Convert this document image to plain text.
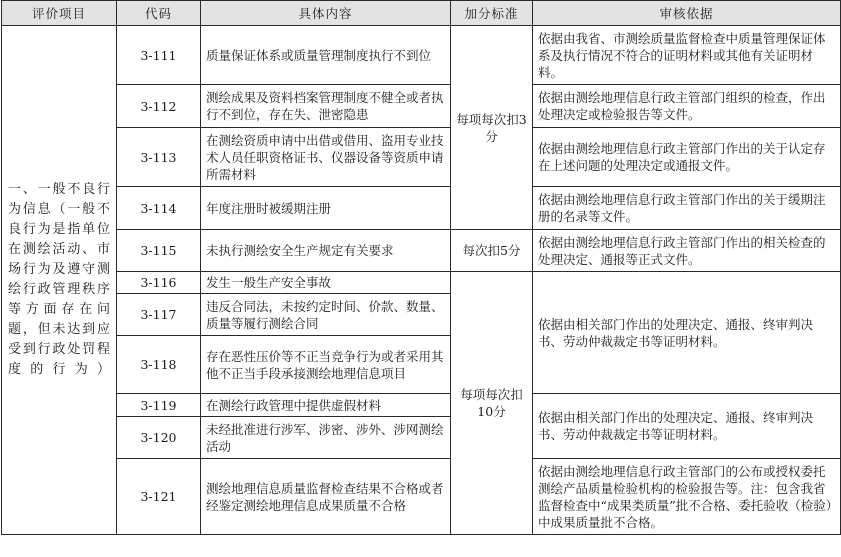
评价项目	代码	具体内容	加分标准	审核依据
一、一般不良行为信息（一般不良行为是指单位在测绘活动、市场行为及遵守测绘行政管理秩序等方面存在问题，但未达到应受到行政处罚程度的行为）	3-111	质量保证体系或质量管理制度执行不到位	每项每次扣3分	依据由我省、市测绘质量监督检查中质量管理保证体系及执行情况不符合的证明材料或其他有关证明材料。
	3-112	测绘成果及资料档案管理制度不健全或者执行不到位，存在失、泄密隐患		依据由测绘地理信息行政主管部门组织的检查，作出处理决定或检验报告等文件。
	3-113	在测绘资质申请中出借或借用、盗用专业技术人员任职资格证书、仪器设备等资质申请所需材料		依据由测绘地理信息行政主管部门作出的关于认定存在上述问题的处理决定或通报文件。
	3-114	年度注册时被缓期注册		依据由测绘地理信息行政主管部门作出的关于缓期注册的名录等文件。
	3-115	未执行测绘安全生产规定有关要求	每次扣5分	依据由测绘地理信息行政主管部门作出的相关检查的处理决定、通报等正式文件。
	3-116	发生一般生产安全事故	每项每次扣10分	依据由相关部门作出的处理决定、通报、终审判决书、劳动仲裁裁定书等证明材料。
	3-117	违反合同法，未按约定时间、价款、数量、质量等履行测绘合同		
	3-118	存在恶性压价等不正当竞争行为或者采用其他不正当手段承接测绘地理信息项目		
	3-119	在测绘行政管理中提供虚假材料		依据由相关部门作出的处理决定、通报、终审判决书、劳动仲裁裁定书等证明材料。
	3-120	未经批准进行涉军、涉密、涉外、涉网测绘活动		
	3-121	测绘地理信息质量监督检查结果不合格或者经鉴定测绘地理信息成果质量不合格		依据由测绘地理信息行政主管部门的公布或授权委托测绘产品质量检验机构的检验报告等。注：包含我省监督检查中“成果类质量”批不合格、委托验收（检验）中成果质量批不合格。
